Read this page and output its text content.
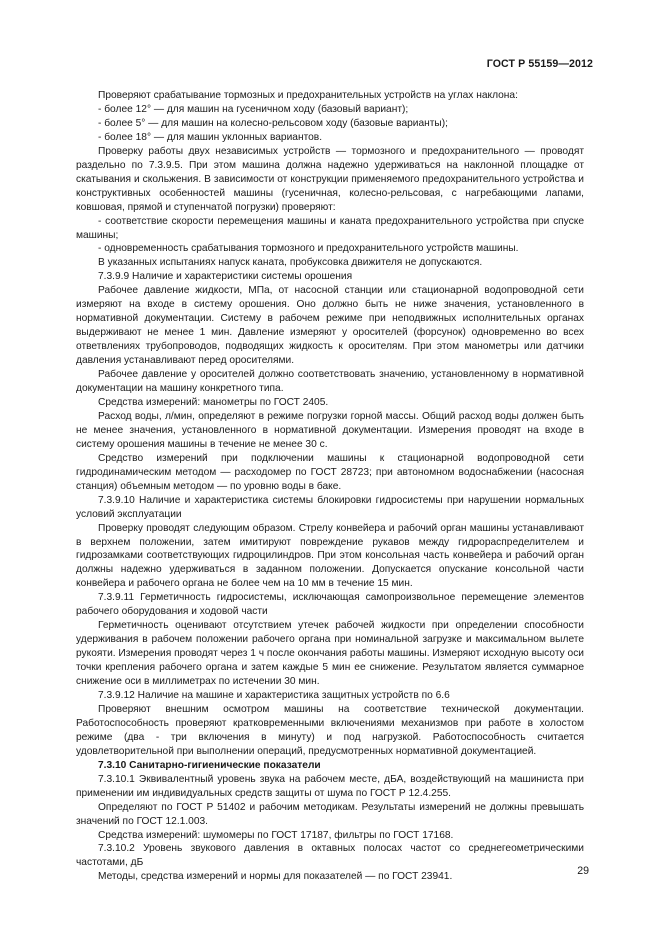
ГОСТ Р 55159—2012

Проверяют срабатывание тормозных и предохранительных устройств на углах наклона:

- более 12° — для машин на гусеничном ходу (базовый вариант);

- более 5° — для машин на колесно-рельсовом ходу (базовые варианты);

- более 18° — для машин уклонных вариантов.

Проверку работы двух независимых устройств — тормозного и предохранительного — проводят раздельно по 7.3.9.5. При этом машина должна надежно удерживаться на наклонной площадке от скатывания и скольжения. В зависимости от конструкции применяемого предохранительного устройства и конструктивных особенностей машины (гусеничная, колесно-рельсовая, с нагребающими лапами, ковшовая, прямой и ступенчатой погрузки) проверяют:

- соответствие скорости перемещения машины и каната предохранительного устройства при спуске машины;

- одновременность срабатывания тормозного и предохранительного устройств машины.

В указанных испытаниях напуск каната, пробуксовка движителя не допускаются.

7.3.9.9 Наличие и характеристики системы орошения

Рабочее давление жидкости, МПа, от насосной станции или стационарной водопроводной сети измеряют на входе в систему орошения. Оно должно быть не ниже значения, установленного в нормативной документации. Систему в рабочем режиме при неподвижных исполнительных органах выдерживают не менее 1 мин. Давление измеряют у оросителей (форсунок) одновременно во всех ответвлениях трубопроводов, подводящих жидкость к оросителям. При этом манометры или датчики давления устанавливают перед оросителями.

Рабочее давление у оросителей должно соответствовать значению, установленному в нормативной документации на машину конкретного типа.

Средства измерений: манометры по ГОСТ 2405.

Расход воды, л/мин, определяют в режиме погрузки горной массы. Общий расход воды должен быть не менее значения, установленного в нормативной документации. Измерения проводят на входе в систему орошения машины в течение не менее 30 с.

Средство измерений при подключении машины к стационарной водопроводной сети гидродинамическим методом — расходомер по ГОСТ 28723; при автономном водоснабжении (насосная станция) объемным методом — по уровню воды в баке.

7.3.9.10 Наличие и характеристика системы блокировки гидросистемы при нарушении нормальных условий эксплуатации

Проверку проводят следующим образом. Стрелу конвейера и рабочий орган машины устанавливают в верхнем положении, затем имитируют повреждение рукавов между гидрораспределителем и гидрозамками соответствующих гидроцилиндров. При этом консольная часть конвейера и рабочий орган должны надежно удерживаться в заданном положении. Допускается опускание консольной части конвейера и рабочего органа не более чем на 10 мм в течение 15 мин.

7.3.9.11 Герметичность гидросистемы, исключающая самопроизвольное перемещение элементов рабочего оборудования и ходовой части

Герметичность оценивают отсутствием утечек рабочей жидкости при определении способности удерживания в рабочем положении рабочего органа при номинальной загрузке и максимальном вылете рукояти. Измерения проводят через 1 ч после окончания работы машины. Измеряют исходную высоту оси точки крепления рабочего органа и затем каждые 5 мин ее снижение. Результатом является суммарное снижение оси в миллиметрах по истечении 30 мин.

7.3.9.12 Наличие на машине и характеристика защитных устройств по 6.6

Проверяют внешним осмотром машины на соответствие технической документации. Работоспособность проверяют кратковременными включениями механизмов при работе в холостом режиме (два - три включения в минуту) и под нагрузкой. Работоспособность считается удовлетворительной при выполнении операций, предусмотренных нормативной документацией.

7.3.10 Санитарно-гигиенические показатели

7.3.10.1 Эквивалентный уровень звука на рабочем месте, дБА, воздействующий на машиниста при применении им индивидуальных средств защиты от шума по ГОСТ Р 12.4.255.

Определяют по ГОСТ Р 51402 и рабочим методикам. Результаты измерений не должны превышать значений по ГОСТ 12.1.003.

Средства измерений: шумомеры по ГОСТ 17187, фильтры по ГОСТ 17168.

7.3.10.2 Уровень звукового давления в октавных полосах частот со среднегеометрическими частотами, дБ

Методы, средства измерений и нормы для показателей — по ГОСТ 23941.	29
